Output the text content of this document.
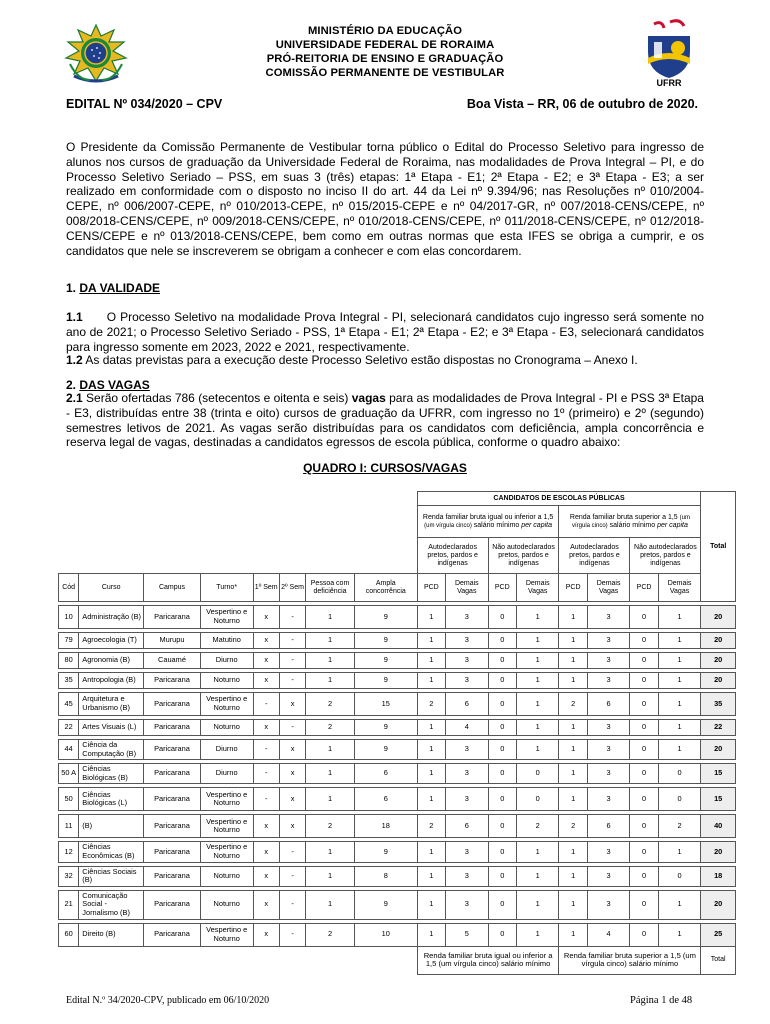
MINISTÉRIO DA EDUCAÇÃO
UNIVERSIDADE FEDERAL DE RORAIMA
PRÓ-REITORIA DE ENSINO E GRADUAÇÃO
COMISSÃO PERMANENTE DE VESTIBULAR
UFRR
EDITAL Nº 034/2020 – CPV	Boa Vista – RR, 06 de outubro de 2020.
O Presidente da Comissão Permanente de Vestibular torna público o Edital do Processo Seletivo para ingresso de alunos nos cursos de graduação da Universidade Federal de Roraima, nas modalidades de Prova Integral – PI, e do Processo Seletivo Seriado – PSS, em suas 3 (três) etapas: 1ª Etapa - E1; 2ª Etapa - E2; e 3ª Etapa - E3; a ser realizado em conformidade com o disposto no inciso II do art. 44 da Lei nº 9.394/96; nas Resoluções nº 010/2004-CEPE, nº 006/2007-CEPE, nº 010/2013-CEPE, nº 015/2015-CEPE e nº 04/2017-GR, nº 007/2018-CENS/CEPE, nº 008/2018-CENS/CEPE, nº 009/2018-CENS/CEPE, nº 010/2018-CENS/CEPE, nº 011/2018-CENS/CEPE, nº 012/2018-CENS/CEPE e nº 013/2018-CENS/CEPE, bem como em outras normas que esta IFES se obriga a cumprir, e os candidatos que nele se inscreverem se obrigam a conhecer e com elas concordarem.
1. DA VALIDADE
1.1 O Processo Seletivo na modalidade Prova Integral - PI, selecionará candidatos cujo ingresso será somente no ano de 2021; o Processo Seletivo Seriado - PSS, 1ª Etapa - E1; 2ª Etapa - E2; e 3ª Etapa - E3, selecionará candidatos para ingresso somente em 2023, 2022 e 2021, respectivamente.
1.2 As datas previstas para a execução deste Processo Seletivo estão dispostas no Cronograma – Anexo I.
2. DAS VAGAS
2.1 Serão ofertadas 786 (setecentos e oitenta e seis) vagas para as modalidades de Prova Integral - PI e PSS 3ª Etapa - E3, distribuídas entre 38 (trinta e oito) cursos de graduação da UFRR, com ingresso no 1º (primeiro) e 2º (segundo) semestres letivos de 2021. As vagas serão distribuídas para os candidatos com deficiência, ampla concorrência e reserva legal de vagas, destinadas a candidatos egressos de escola pública, conforme o quadro abaixo:
QUADRO I: CURSOS/VAGAS
								CANDIDATOS DE ESCOLAS PÚBLICAS								Total
								Renda familiar bruta igual ou inferior a 1,5 (um vírgula cinco) salário mínimo per capita				Renda familiar bruta superior a 1,5 (um vírgula cinco) salário mínimo per capita				
								Autodeclarados pretos, pardos e indígenas		Não autodeclarados pretos, pardos e indígenas		Autodeclarados pretos, pardos e indígenas		Não autodeclarados pretos, pardos e indígenas		
Cód	Curso	Campus	Turno*	1º Sem	2º Sem	Pessoa com deficiência	Ampla concorrência	PCD	Demais Vagas	PCD	Demais Vagas	PCD	Demais Vagas	PCD	Demais Vagas	

10	Administração (B)	Paricarana	Vespertino e Noturno	x	-	1	9	1	3	0	1	1	3	0	1	20

79	Agroecologia (T)	Murupu	Matutino	x	-	1	9	1	3	0	1	1	3	0	1	20

80	Agronomia (B)	Cauamé	Diurno	x	-	1	9	1	3	0	1	1	3	0	1	20

35	Antropologia (B)	Paricarana	Noturno	x	-	1	9	1	3	0	1	1	3	0	1	20

45	Arquitetura e Urbanismo (B)	Paricarana	Vespertino e Noturno	-	x	2	15	2	6	0	1	2	6	0	1	35

22	Artes Visuais (L)	Paricarana	Noturno	x	-	2	9	1	4	0	1	1	3	0	1	22

44	Ciência da Computação (B)	Paricarana	Diurno	-	x	1	9	1	3	0	1	1	3	0	1	20

50 A	Ciências Biológicas (B)	Paricarana	Diurno	-	x	1	6	1	3	0	0	1	3	0	0	15

50	Ciências Biológicas (L)	Paricarana	Vespertino e Noturno	-	x	1	6	1	3	0	0	1	3	0	0	15

11	(B)	Paricarana	Vespertino e Noturno	x	x	2	18	2	6	0	2	2	6	0	2	40

12	Ciências Econômicas (B)	Paricarana	Vespertino e Noturno	x	-	1	9	1	3	0	1	1	3	0	1	20

32	Ciências Sociais (B)	Paricarana	Noturno	x	-	1	8	1	3	0	1	1	3	0	0	18

21	Comunicação Social - Jornalismo (B)	Paricarana	Noturno	x	-	1	9	1	3	0	1	1	3	0	1	20

60	Direito (B)	Paricarana	Vespertino e Noturno	x	-	2	10	1	5	0	1	1	4	0	1	25
								Renda familiar bruta igual ou inferior a 1,5 (um vírgula cinco) salário mínimo				Renda familiar bruta superior a 1,5 (um vírgula cinco) salário mínimo				Total
Edital N.º 34/2020-CPV, publicado em 06/10/2020	Página 1 de 48
